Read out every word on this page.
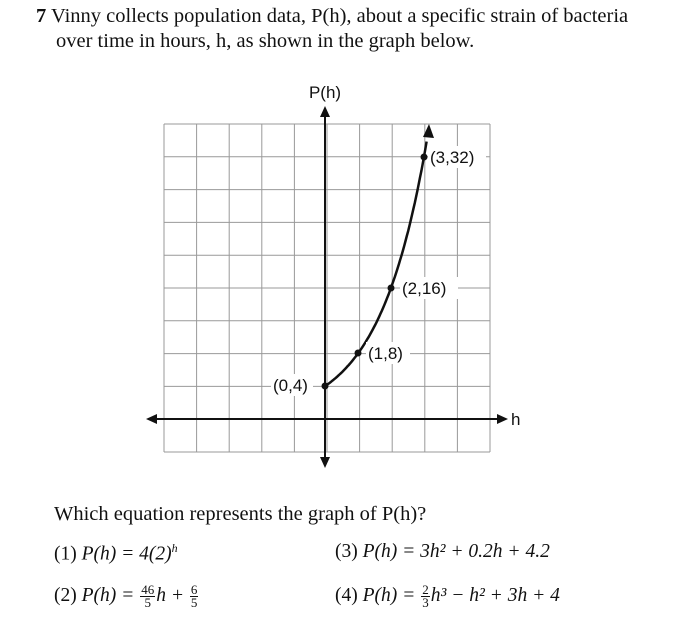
7 Vinny collects population data, P(h), about a specific strain of bacteria
over time in hours, h, as shown in the graph below.
P(h)
h
(0,4)
(1,8)
(2,16)
(3,32)
Which equation represents the graph of P(h)?
(1) $P(h) = 4(2)^h$
(2) $P(h) = \frac{46}{5}$ $h + \frac{6}{5}$
(3) P(h) = 3h² + 0.2h + 4.2
(4) $P(h) = \frac{2}{3} h^3 - h^2 + 3h + 4$
